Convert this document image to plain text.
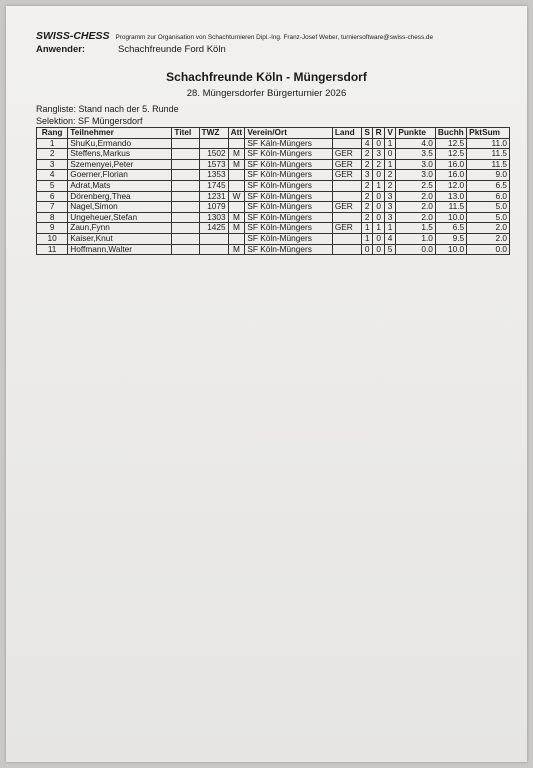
SWISS-CHESS Programm zur Organisation von Schachturnieren Dipl.-Ing. Franz-Josef Weber, turniersoftware@swiss-chess.de
Anwender:	Schachfreunde Ford Köln
Schachfreunde Köln - Müngersdorf
28. Müngersdorfer Bürgerturnier 2026
Rangliste: Stand nach der 5. Runde
Selektion: SF Müngersdorf
Rang	Teilnehmer	Titel	TWZ	Att	Verein/Ort	Land	S	R	V	Punkte	Buchh	PktSum
1	ShuKu,Ermando				SF Käln-Müngers		4	0	1	4.0	12.5	11.0
2	Steffens,Markus		1502	M	SF Köln-Müngers	GER	2	3	0	3.5	12.5	11.5
3	Szemenyei,Peter		1573	M	SF Köln-Müngers	GER	2	2	1	3.0	16.0	11.5
4	Goerner,Florian		1353		SF Köln-Müngers	GER	3	0	2	3.0	16.0	9.0
5	Adrat,Mats		1745		SF Köln-Müngers		2	1	2	2.5	12.0	6.5
6	Dörenberg,Thea		1231	W	SF Köln-Müngers		2	0	3	2.0	13.0	6.0
7	Nagel,Simon		1079		SF Köln-Müngers	GER	2	0	3	2.0	11.5	5.0
8	Ungeheuer,Stefan		1303	M	SF Köln-Müngers		2	0	3	2.0	10.0	5.0
9	Zaun,Fynn		1425	M	SF Köln-Müngers	GER	1	1	1	1.5	6.5	2.0
10	Kaiser,Knut				SF Köln-Müngers		1	0	4	1.0	9.5	2.0
11	Hoffmann,Walter			M	SF Köln-Müngers		0	0	5	0.0	10.0	0.0
